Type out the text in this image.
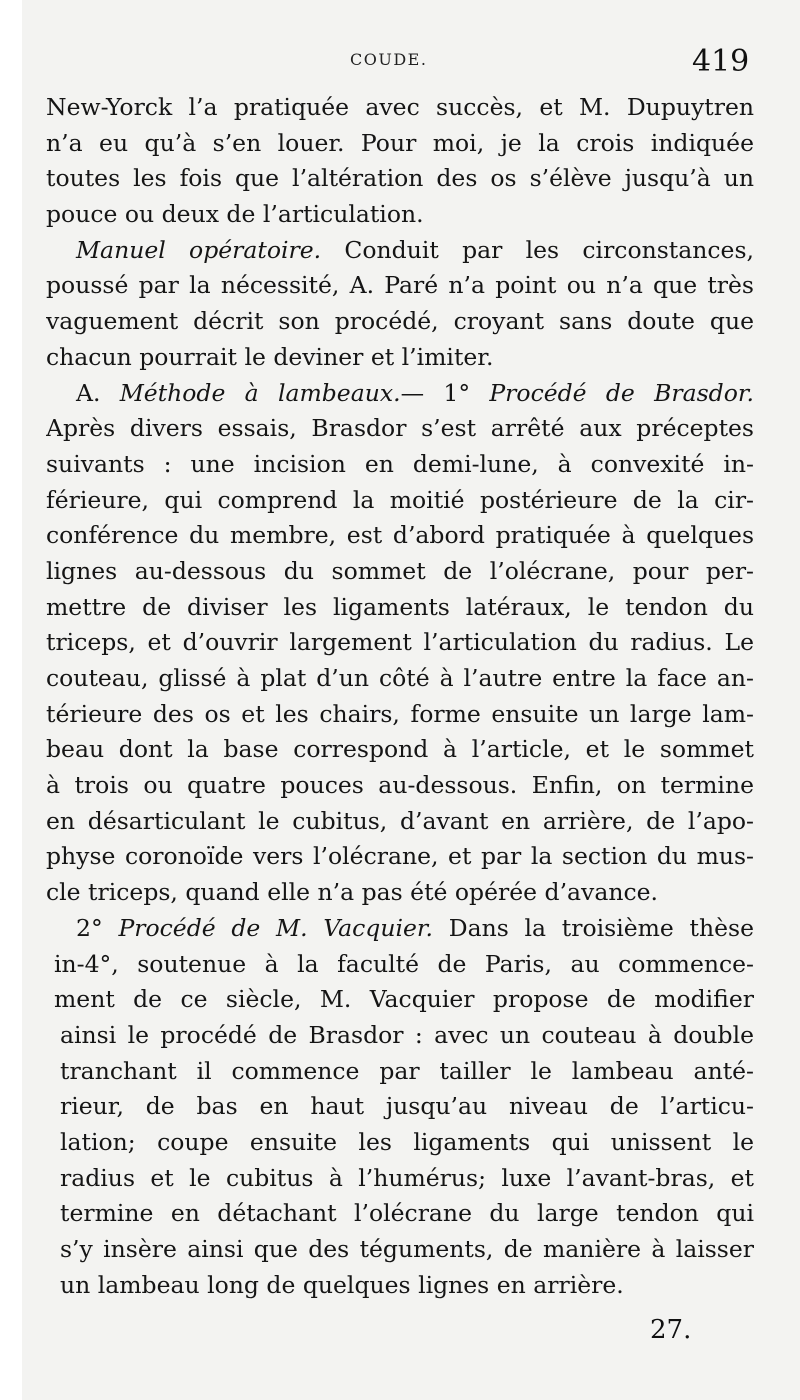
COUDE.	419
New-Yorck l’a pratiquée avec succès, et M. Dupuytren
n’a eu qu’à s’en louer. Pour moi, je la crois indiquée
toutes les fois que l’altération des os s’élève jusqu’à un
pouce ou deux de l’articulation.
Manuel opératoire. Conduit par les circonstances,
poussé par la nécessité, A. Paré n’a point ou n’a que très
vaguement décrit son procédé, croyant sans doute que
chacun pourrait le deviner et l’imiter.
A. Méthode à lambeaux.— 1° Procédé de Brasdor.
Après divers essais, Brasdor s’est arrêté aux préceptes
suivants : une incision en demi-lune, à convexité in-
férieure, qui comprend la moitié postérieure de la cir-
conférence du membre, est d’abord pratiquée à quelques
lignes au-dessous du sommet de l’olécrane, pour per-
mettre de diviser les ligaments latéraux, le tendon du
triceps, et d’ouvrir largement l’articulation du radius. Le
couteau, glissé à plat d’un côté à l’autre entre la face an-
térieure des os et les chairs, forme ensuite un large lam-
beau dont la base correspond à l’article, et le sommet
à trois ou quatre pouces au-dessous. Enfin, on termine
en désarticulant le cubitus, d’avant en arrière, de l’apo-
physe coronoïde vers l’olécrane, et par la section du mus-
cle triceps, quand elle n’a pas été opérée d’avance.
2° Procédé de M. Vacquier. Dans la troisième thèse
in-4°, soutenue à la faculté de Paris, au commence-
ment de ce siècle, M. Vacquier propose de modifier
ainsi le procédé de Brasdor : avec un couteau à double
tranchant il commence par tailler le lambeau anté-
rieur, de bas en haut jusqu’au niveau de l’articu-
lation; coupe ensuite les ligaments qui unissent le
radius et le cubitus à l’humérus; luxe l’avant-bras, et
termine en détachant l’olécrane du large tendon qui
s’y insère ainsi que des téguments, de manière à laisser
un lambeau long de quelques lignes en arrière.
27.
